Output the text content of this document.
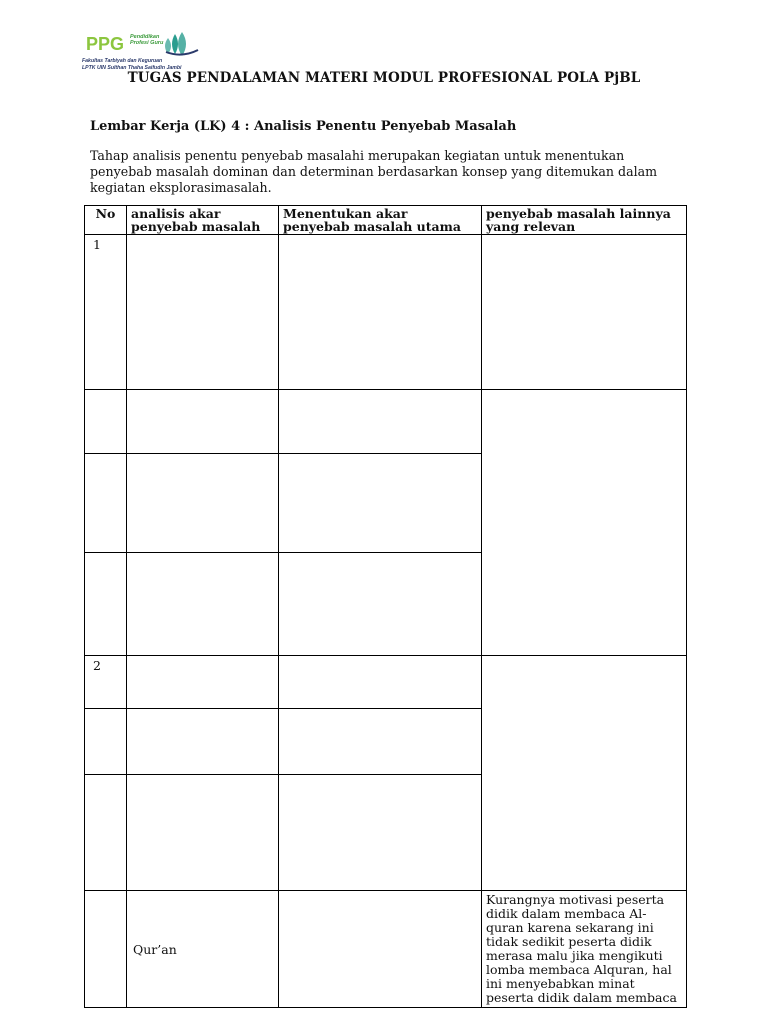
PPG Pendidikan Profesi Guru
Fakultas Tarbiyah dan Keguruan
LPTK UIN Sulthan Thaha Saifudin Jambi
TUGAS PENDALAMAN MATERI MODUL PROFESIONAL POLA PjBL
Lembar Kerja (LK) 4 : Analisis Penentu Penyebab Masalah
Tahap analisis penentu penyebab masalahi merupakan kegiatan untuk menentukan penyebab masalah dominan dan determinan berdasarkan konsep yang ditemukan dalam kegiatan eksplorasimasalah.
No	analisis akar penyebab masalah	Menentukan akar penyebab masalah utama	penyebab masalah lainnya yang relevan
1			

2			

	Qur’an		Kurangnya motivasi peserta didik dalam membaca Al-quran karena sekarang ini tidak sedikit peserta didik merasa malu jika mengikuti lomba membaca Alquran, hal ini menyebabkan minat peserta didik dalam membaca
